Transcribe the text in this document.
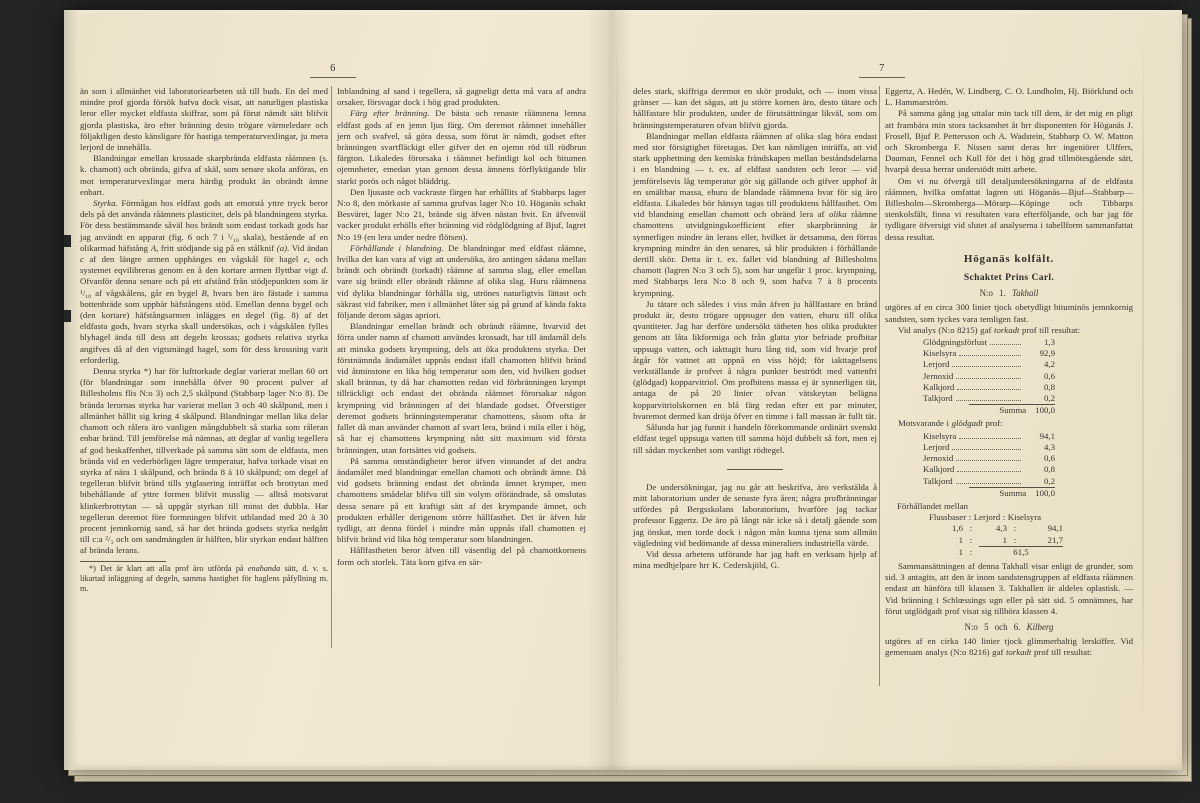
6

än som i allmänhet vid laboratoriearbeten stå till buds. En del med mindre prof gjorda försök hafva dock visat, att naturligen plastiska leror eller mycket eldfasta skiffrar, som på förut nämdt sätt blifvit gjorda plastiska, äro efter bränning desto trögare värmeledare och följaktligen desto känsligare för hastiga temperaturvexlingar, ju mera lerjord de innehålla.

Blandningar emellan krossade skarpbrända eldfasta råämnen (s. k. chamott) och obrända, gifva af skäl, som senare skola anföras, en mot temperaturvexlingar mera härdig produkt än obrändt ämne enbart.

Styrka. Förmågan hos eldfast gods att emotstå yttre tryck beror dels på det använda råämnets plasticitet, dels på blandningens styrka. För dess bestämmande såväl hos brändt som endast torkadt gods har jag användt en apparat (fig. 6 och 7 i ¹/₁₀ skala), bestående af en olikarmad häfstång A, fritt stödjande sig på en stålknif (a). Vid ändan c af den längre armen upphänges en vågskål för hagel e, och systemet eqvilibreras genom en å den kortare armen flyttbar vigt d. Ofvanför denna senare och på ett afstånd från stödjepunkten som är ¹/₁₀ af vågskålens, går en bygel B, hvars ben äro fästade i samma bottenbräde som uppbär häfstångens stöd. Emellan denna bygel och (den kortare) häfstångsarmen inlägges en degel (fig. 8) af det eldfasta gods, hvars styrka skall undersökas, och i vågskålen fylles blyhagel ända till dess att degeln krossas; godsets relativa styrka angifves då af den vigtsmängd hagel, som för dess krossning varit erforderlig.

Denna styrka *) har för lufttorkade deglar varierat mellan 60 ort (för blandningar som innehålla öfver 90 procent pulver af Billesholms flis N:o 3) och 2,5 skålpund (Stabbarp lager N:o 8). De brända lerornas styrka har varierat mellan 3 och 40 skålpund, men i allmänhet hållit sig kring 4 skålpund. Blandningar mellan lika delar chamott och rålera äro vanligen mångdubbelt så starka som råleran enbar bränd. Till jemförelse må nämnas, att deglar af vanlig tegellera af god beskaffenhet, tillverkade på samma sätt som de eldfasta, men brända vid en vederbörligen lägre temperatur, hafva torkade visat en styrka af nära 1 skålpund, och brända 8 à 10 skålpund; om degel af tegelleran blifvit bränd tills ytglasering inträffat och brottytan med bibehållande af yttre formen blifvit musslig — alltså motsvarat klinkerbrottytan — så uppgår styrkan till minst det dubbla. Har tegelleran deremot före formningen blifvit utblandad med 20 à 30 procent jemnkornig sand, så har det brända godsets styrka nedgått till c:a ²/₃ och om sandmängden är hälften, blir styrkan endast hälften af brända lerans.

*) Det är klart att alla prof äro utförda på enahanda sätt, d. v. s. likartad inläggning af degeln, samma hastighet för haglens påfyllning m. m.

Inblandning af sand i tegellera, så gagneligt detta må vara af andra orsaker, försvagar dock i hög grad produkten.

Färg efter bränning. De bästa och renaste råämnena lemna eldfast gods af en jemn ljus färg. Om deremot råämnet innehåller jern och svafvel, så göra dessa, som förut är nämdt, godset efter bränningen svartfläckigt eller gifver det en ojemn röd till rödbrun färgton. Likaledes förorsaka i råämnet befintligt kol och bitumen ojemnheter, emedan ytan genom dessa ämnens förflyktigande blir starkt porös och något bläddrig.

Den ljusaste och vackraste färgen har erhållits af Stabbarps lager N:o 8, den mörkaste af samma grufvas lager N:o 10. Höganäs schakt Besväret, lager N:o 21, brände sig äfven nästan hvit. En äfvenväl vacker produkt erhölls efter bränning vid rödglödgning af Bjuf, lagret N:o 19 (en lera under nedre flötsen).

Förhållande i blandning. De blandningar med eldfast råämne, hvilka det kan vara af vigt att undersöka, äro antingen sådana mellan brändt och obrändt (torkadt) råämne af samma slag, eller emellan vare sig brändt eller obrändt råämne af olika slag. Huru råämnena vid dylika blandningar förhålla sig, utrönes naturligtvis lättast och säkrast vid fabriker, men i allmänhet låter sig på grund af kända fakta följande derom sägas apriori.

Blandningar emellan brändt och obrändt råämne, hvarvid det förra under namn af chamott användes krossadt, har till ändamål dels att minska godsets krympning, dels att öka produktens styrka. Det förstnämnda ändamålet uppnås endast ifall chamotten blifvit bränd vid åtminstone en lika hög temperatur som den, vid hvilken godset skall brännas, ty då har chamotten redan vid förbränningen krympt tillräckligt och endast det obrända råämnet förorsakar någon krympning vid bränningen af det blandade godset. Öfverstiger deremot godsets bränningstemperatur chamottens, såsom ofta är fallet då man använder chamott af svart lera, bränd i mila eller i hög, så har ej chamottens krympning nått sitt maximum vid första bränningen, utan fortsättes vid godsets.

På samma omständigheter beror äfven vinnandet af det andra ändamålet med blandningar emellan chamott och obrändt ämne. Då vid godsets bränning endast det obrända ämnet krymper, men chamottens smådelar blifva till sin volym oförändrade, så omslutas dessa senare på ett kraftigt sätt af det krympande ämnet, och produkten erhåller derigenom större hållfasthet. Det är äfven här tydligt, att denna fördel i mindre mån uppnås ifall chamotten ej blifvit bränd vid lika hög temperatur som blandningen.

Hållfastheten beror äfven till väsentlig del på chamottkornens form och storlek. Täta korn gifva en sär-

7

deles stark, skiffriga deremot en skör produkt, och — inom vissa gränser — kan det sägas, att ju större kornen äro, desto tätare och hållfastare blir produkten, under de förutsättningar likväl, som om bränningstemperaturen ofvan blifvit gjorda.

Blandningar mellan eldfasta råämnen af olika slag böra endast med stor försigtighet företagas. Det kan nämligen inträffa, att vid stark upphettning den kemiska frändskapen mellan beståndsdelarna i en blandning — t. ex. af eldfast sandsten och leror — vid jemförelsevis låg temperatur gör sig gällande och gifver upphof åt en smältbar massa, ehuru de blandade råämnena hvar för sig äro eldfasta. Likaledes bör hänsyn tagas till produktens hållfasthet. Om vid blandning emellan chamott och obränd lera af olika råämne chamottens utvidgningskoefficient efter skarpbränning är synnerligen mindre än lerans eller, hvilket är detsamma, den förras krympning mindre än den senares, så blir produkten i förhållande dertill skör. Detta är t. ex. fallet vid blandning af Billesholms chamott (lagren N:o 3 och 5), som har ungefär 1 proc. krympning, med Stabbarps lera N:o 8 och 9, som hafva 7 à 8 procents krympning.

Ju tätare och således i viss mån äfven ju hållfastare en bränd produkt är, desto trögare uppsuger den vatten, ehuru till olika qvantiteter. Jag har derföre undersökt tätheten hos olika produkter genom att låta likformiga och från glatta ytor befriade profbitar uppsuga vatten, och iakttagit huru lång tid, som vid hvarje prof åtgår för vattnet att uppnå en viss höjd; för iakttagelsens verkställande är profvet å några punkter beströdt med vattenfri (glödgad) kopparvitriol. Om profbitens massa ej är synnerligen tät, antaga de på 20 linier ofvan vätskeytan belägna kopparvitriolskornen en blå färg redan efter ett par minuter, hvaremot dermed kan dröja öfver en timme i fall massan är fullt tät.

Sålunda har jag funnit i handeln förekommande ordinärt svenskt eldfast tegel uppsuga vatten till samma höjd dubbelt så fort, men ej till sådan myckenhet som vanligt rödtegel.

De undersökningar, jag nu går att beskrifva, äro verkstälda å mitt laboratorium under de senaste fyra åren; några profbränningar utfördes på Bergsskolans laboratorium, hvarföre jag tackar professor Eggertz. De äro på långt när icke så i detalj gående som jag önskat, men torde dock i någon mån kunna tjena som allmän vägledning vid bedömande af dessa mineraliers industriella värde.

Vid dessa arbetens utförande har jag haft en verksam hjelp af mina medhjelpare hrr K. Cederskjöld, G.

Eggertz, A. Hedén, W. Lindberg, C. O. Lundholm, Hj. Biörklund och L. Hammarström.

På samma gång jag uttalar min tack till dem, är det mig en pligt att frambära min stora tacksamhet åt hrr disponenten för Höganäs J. Frosell, Bjuf P. Pettersson och A. Wadstein, Stabbarp O. W. Matton och Skromberga F. Nissen samt deras hrr ingeniörer Ulffers, Dauman, Fennel och Kull för det i hög grad tillmötesgående sätt, hvarpå dessa herrar understödt mitt arbete.

Om vi nu öfvergå till detaljundersökningarna af de eldfasta råämnen, hvilka omfattat lagren uti Höganäs—Bjuf—Stabbarp—Billesholm—Skromberga—Mörarp—Köpinge och Tibbarps stenkolsfält, finna vi resultaten vara efterföljande, och har jag för tydligare öfversigt vid slutet af analyserna i tabellform sammanfattat dessa resultat.

Höganäs kolfält.
Schaktet Prins Carl.
N:o 1. Takhall

utgöres af en circa 300 linier tjock obetydligt bituminös jemnkornig sandsten, som tyckes vara temligen fast.

Vid analys (N:o 8215) gaf torkadt prof till resultat:

Glödgningsförlust	1,3
Kiselsyra	92,9
Lerjord	4,2
Jernoxid	0,6
Kalkjord	0,8
Talkjord	0,2
Summa 100,0

Motsvarande i glödgadt prof:

Kiselsyra	94,1
Lerjord	4,3
Jernoxid	0,6
Kalkjord	0,8
Talkjord	0,2
Summa 100,0
Förhållandet mellan
Flussbaser : Lerjord : Kiselsyra
1,6 :	4,3 :	94,1
1 :	1 :	21,7
1 :	61,5

Sammansättningen af denna Takhall visar enligt de grunder, som sid. 3 antagits, att den är inom sandstensgruppen af eldfasta råämnen endast att hänföra till klassen 3. Takhallen är aldeles oplastisk. — Vid bränning i Schlœssings ugn eller på sätt sid. 5 omnämnes, har förut utglödgadt prof visat sig tillhöra klassen 4.

N:o 5 och 6. Kilberg

utgöres af en cirka 140 linier tjock glimmerhaltig lerskiffer. Vid gemensam analys (N:o 8216) gaf torkadt prof till resultat:
